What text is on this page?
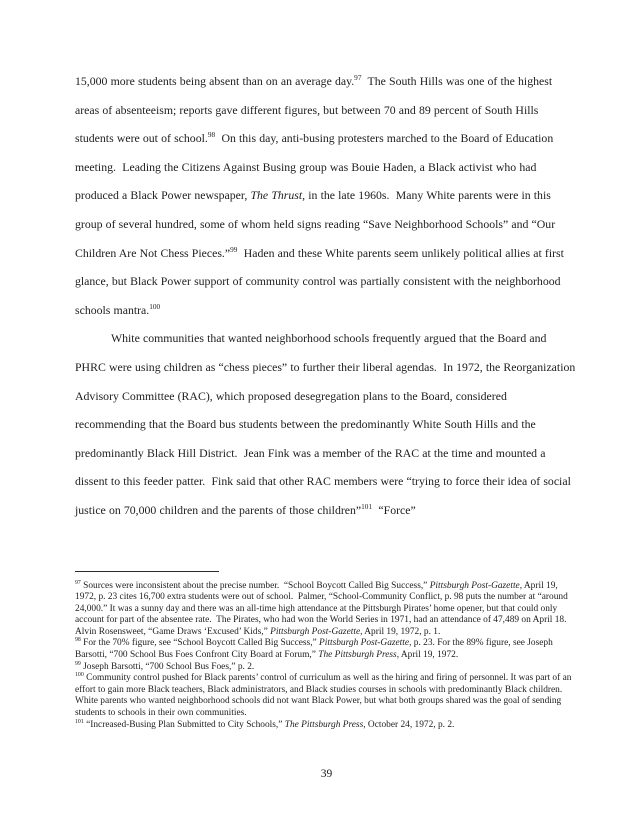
15,000 more students being absent than on an average day.$^{97}$  The South Hills was one of the highest areas of absenteeism; reports gave different figures, but between 70 and 89 percent of South Hills students were out of school.$^{98}$  On this day, anti-busing protesters marched to the Board of Education meeting.  Leading the Citizens Against Busing group was Bouie Haden, a Black activist who had produced a Black Power newspaper, The Thrust, in the late 1960s.  Many White parents were in this group of several hundred, some of whom held signs reading “Save Neighborhood Schools” and “Our Children Are Not Chess Pieces.”$^{99}$  Haden and these White parents seem unlikely political allies at first glance, but Black Power support of community control was partially consistent with the neighborhood schools mantra.$^{100}$

White communities that wanted neighborhood schools frequently argued that the Board and PHRC were using children as “chess pieces” to further their liberal agendas.  In 1972, the Reorganization Advisory Committee (RAC), which proposed desegregation plans to the Board, considered recommending that the Board bus students between the predominantly White South Hills and the predominantly Black Hill District.  Jean Fink was a member of the RAC at the time and mounted a dissent to this feeder patter.  Fink said that other RAC members were “trying to force their idea of social justice on 70,000 children and the parents of those children”$^{101}$  “Force”

$^{97}$ Sources were inconsistent about the precise number.  “School Boycott Called Big Success,” Pittsburgh Post-Gazette, April 19, 1972, p. 23 cites 16,700 extra students were out of school.  Palmer, “School-Community Conflict, p. 98 puts the number at “around 24,000.” It was a sunny day and there was an all-time high attendance at the Pittsburgh Pirates’ home opener, but that could only account for part of the absentee rate.  The Pirates, who had won the World Series in 1971, had an attendance of 47,489 on April 18.  Alvin Rosensweet, “Game Draws ‘Excused’ Kids,” Pittsburgh Post-Gazette, April 19, 1972, p. 1.
$^{98}$ For the 70% figure, see “School Boycott Called Big Success,” Pittsburgh Post-Gazette, p. 23. For the 89% figure, see Joseph Barsotti, “700 School Bus Foes Confront City Board at Forum,” The Pittsburgh Press, April 19, 1972.
$^{99}$ Joseph Barsotti, “700 School Bus Foes,” p. 2.
$^{100}$ Community control pushed for Black parents’ control of curriculum as well as the hiring and firing of personnel. It was part of an effort to gain more Black teachers, Black administrators, and Black studies courses in schools with predominantly Black children. White parents who wanted neighborhood schools did not want Black Power, but what both groups shared was the goal of sending students to schools in their own communities.
$^{101}$ “Increased-Busing Plan Submitted to City Schools,” The Pittsburgh Press, October 24, 1972, p. 2.
39
